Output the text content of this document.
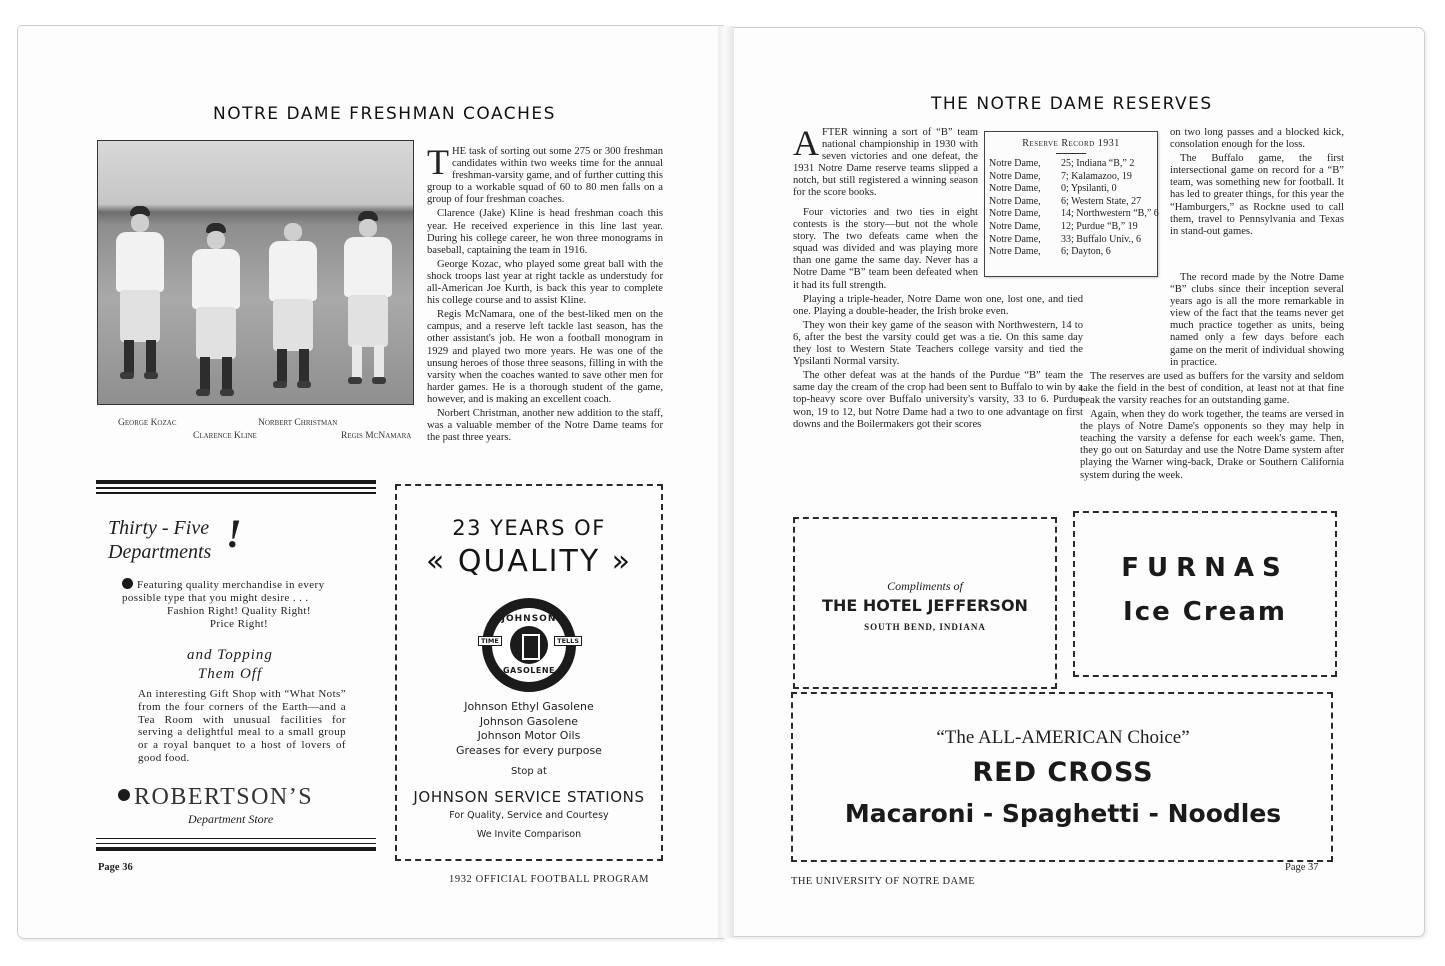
NOTRE DAME FRESHMAN COACHES
George Kozac
Clarence Kline
Norbert Christman
Regis McNamara

THE task of sorting out some 275 or 300 freshman candidates within two weeks time for the annual freshman-varsity game, and of further cutting this group to a workable squad of 60 to 80 men falls on a group of four freshman coaches.

Clarence (Jake) Kline is head freshman coach this year. He received experience in this line last year. During his college career, he won three monograms in baseball, captaining the team in 1916.

George Kozac, who played some great ball with the shock troops last year at right tackle as understudy for all-American Joe Kurth, is back this year to complete his college course and to assist Kline.

Regis McNamara, one of the best-liked men on the campus, and a reserve left tackle last season, has the other assistant's job. He won a football monogram in 1929 and played two more years. He was one of the unsung heroes of those three seasons, filling in with the varsity when the coaches wanted to save other men for harder games. He is a thorough student of the game, however, and is making an excellent coach.

Norbert Christman, another new addition to the staff, was a valuable member of the Notre Dame teams for the past three years.

Thirty - Five
Departments !
Featuring quality merchandise in every possible type that you might desire . . .
Fashion Right! Quality Right!
Price Right!
and Topping
Them Off
An interesting Gift Shop with “What Nots” from the four corners of the Earth—and a Tea Room with unusual facilities for serving a delightful meal to a small group or a royal banquet to a host of lovers of good food.
ROBERTSON’S
Department Store
Page 36
23 YEARS OF
« QUALITY »
JOHNSON
GASOLENE
TIME	TELLS
Johnson Ethyl Gasolene
Johnson Gasolene
Johnson Motor Oils
Greases for every purpose
Stop at
JOHNSON SERVICE STATIONS
For Quality, Service and Courtesy
We Invite Comparison
1932 OFFICIAL FOOTBALL PROGRAM
THE NOTRE DAME RESERVES

AFTER winning a sort of “B” team national championship in 1930 with seven victories and one defeat, the 1931 Notre Dame reserve teams slipped a notch, but still registered a winning season for the score books.

Four victories and two ties in eight contests is the story—but not the whole story. The two defeats came when the squad was divided and was playing more than one game the same day. Never has a Notre Dame “B” team been defeated when it had its full strength.

Playing a triple-header, Notre Dame won one, lost one, and tied one. Playing a double-header, the Irish broke even.

They won their key game of the season with Northwestern, 14 to 6, after the best the varsity could get was a tie. On this same day they lost to Western State Teachers college varsity and tied the Ypsilanti Normal varsity.

The other defeat was at the hands of the Purdue “B” team the same day the cream of the crop had been sent to Buffalo to win by a top-heavy score over Buffalo university's varsity, 33 to 6. Purdue won, 19 to 12, but Notre Dame had a two to one advantage on first downs and the Boilermakers got their scores

Reserve Record 1931
Notre Dame, 25; Indiana “B,” 2
Notre Dame, 7; Kalamazoo, 19
Notre Dame, 0; Ypsilanti, 0
Notre Dame, 6; Western State, 27
Notre Dame, 14; Northwestern “B,” 6
Notre Dame, 12; Purdue “B,” 19
Notre Dame, 33; Buffalo Univ., 6
Notre Dame, 6; Dayton, 6

on two long passes and a blocked kick, consolation enough for the loss.

The Buffalo game, the first intersectional game on record for a “B” team, was something new for football. It has led to greater things, for this year the “Hamburgers,” as Rockne used to call them, travel to Pennsylvania and Texas in stand-out games.

The record made by the Notre Dame “B” clubs since their inception several years ago is all the more remarkable in view of the fact that the teams never get much practice together as units, being named only a few days before each game on the merit of individual showing in practice.

The reserves are used as buffers for the varsity and seldom take the field in the best of condition, at least not at that fine peak the varsity reaches for an outstanding game.

Again, when they do work together, the teams are versed in the plays of Notre Dame's opponents so they may help in teaching the varsity a defense for each week's game. Then, they go out on Saturday and use the Notre Dame system after playing the Warner wing-back, Drake or Southern California system during the week.

Compliments of
THE HOTEL JEFFERSON
SOUTH BEND, INDIANA
FURNAS
Ice Cream
“The ALL-AMERICAN Choice”
RED CROSS
Macaroni - Spaghetti - Noodles
THE UNIVERSITY OF NOTRE DAME
Page 37
